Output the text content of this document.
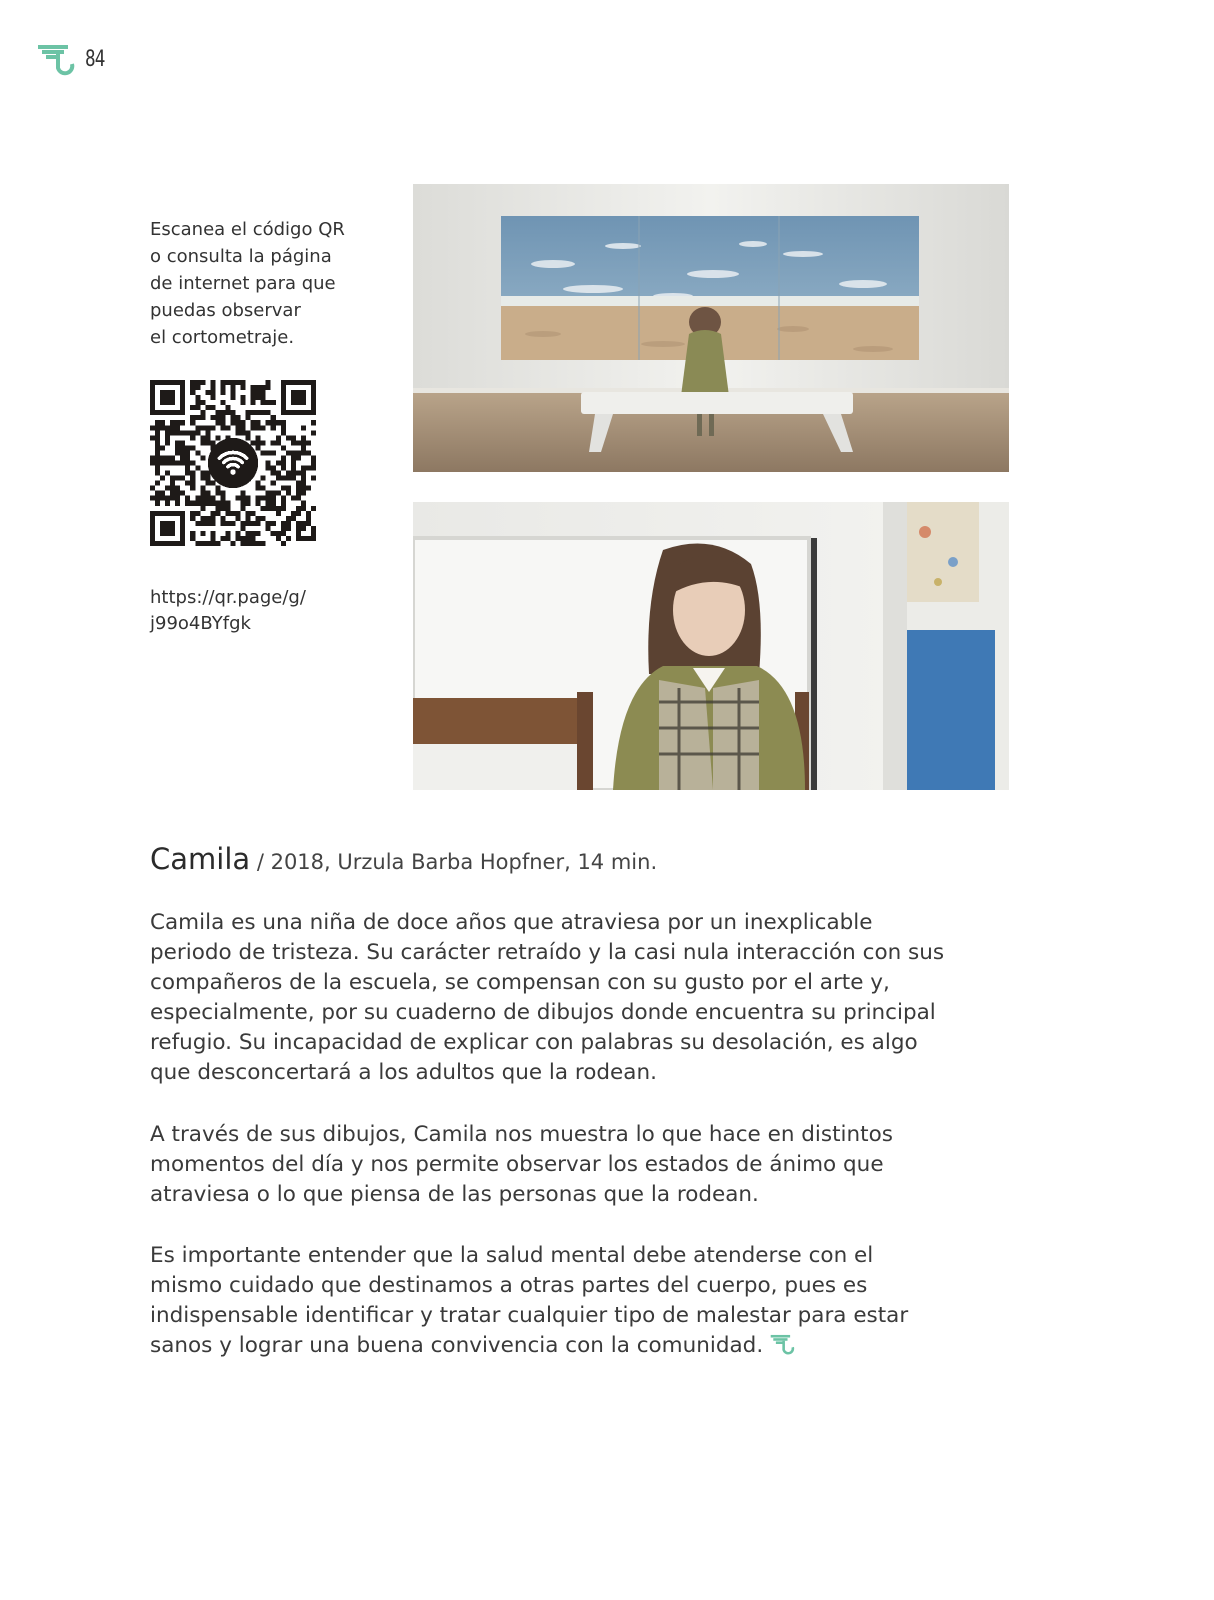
84
Escanea el código QR
o consulta la página
de internet para que
puedas observar
el cortometraje.
https://qr.page/g/
j99o4BYfgk
Camila / 2018, Urzula Barba Hopfner, 14 min.

Camila es una niña de doce años que atraviesa por un inexplicable periodo de tristeza. Su carácter retraído y la casi nula interacción con sus compañeros de la escuela, se compensan con su gusto por el arte y, especialmente, por su cuaderno de dibujos donde encuentra su principal refugio. Su incapacidad de explicar con palabras su desolación, es algo que desconcertará a los adultos que la rodean.

A través de sus dibujos, Camila nos muestra lo que hace en distintos momentos del día y nos permite observar los estados de ánimo que atraviesa o lo que piensa de las personas que la rodean.

Es importante entender que la salud mental debe atenderse con el mismo cuidado que destinamos a otras partes del cuerpo, pues es indispensable identificar y tratar cualquier tipo de malestar para estar sanos y lograr una buena convivencia con la comunidad.
